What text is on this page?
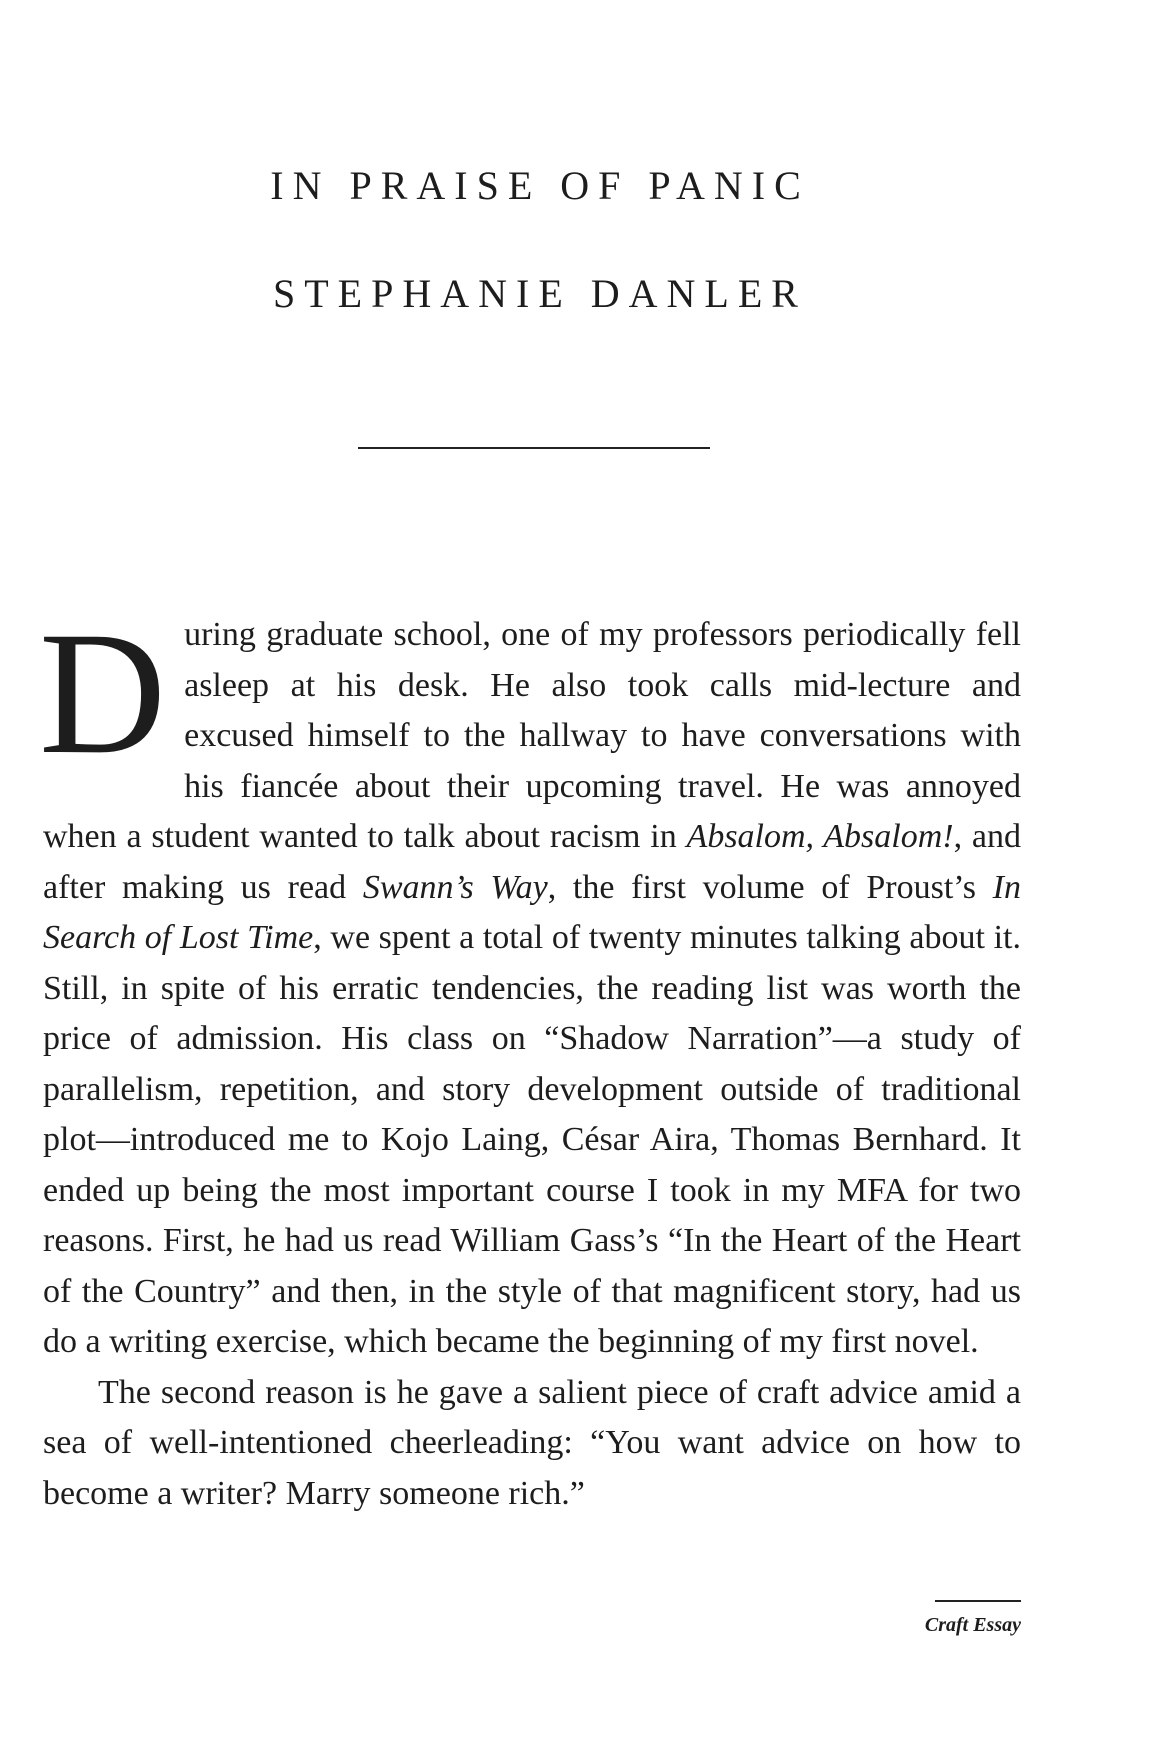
IN PRAISE OF PANIC
STEPHANIE DANLER

During graduate school, one of my professors periodically fell asleep at his desk. He also took calls mid-lecture and excused himself to the hallway to have conversations with his fiancée about their upcoming travel. He was annoyed when a student wanted to talk about racism in Absalom, Absalom!, and after making us read Swann’s Way, the first volume of Proust’s In Search of Lost Time, we spent a total of twenty minutes talking about it. Still, in spite of his erratic tendencies, the reading list was worth the price of admission. His class on “Shadow Narration”—a study of parallelism, repetition, and story development outside of traditional plot—introduced me to Kojo Laing, César Aira, Thomas Bernhard. It ended up being the most important course I took in my MFA for two reasons. First, he had us read William Gass’s “In the Heart of the Heart of the Country” and then, in the style of that magnificent story, had us do a writing exercise, which became the beginning of my first novel.

The second reason is he gave a salient piece of craft advice amid a sea of well-intentioned cheerleading: “You want advice on how to become a writer? Marry someone rich.”

Craft Essay
